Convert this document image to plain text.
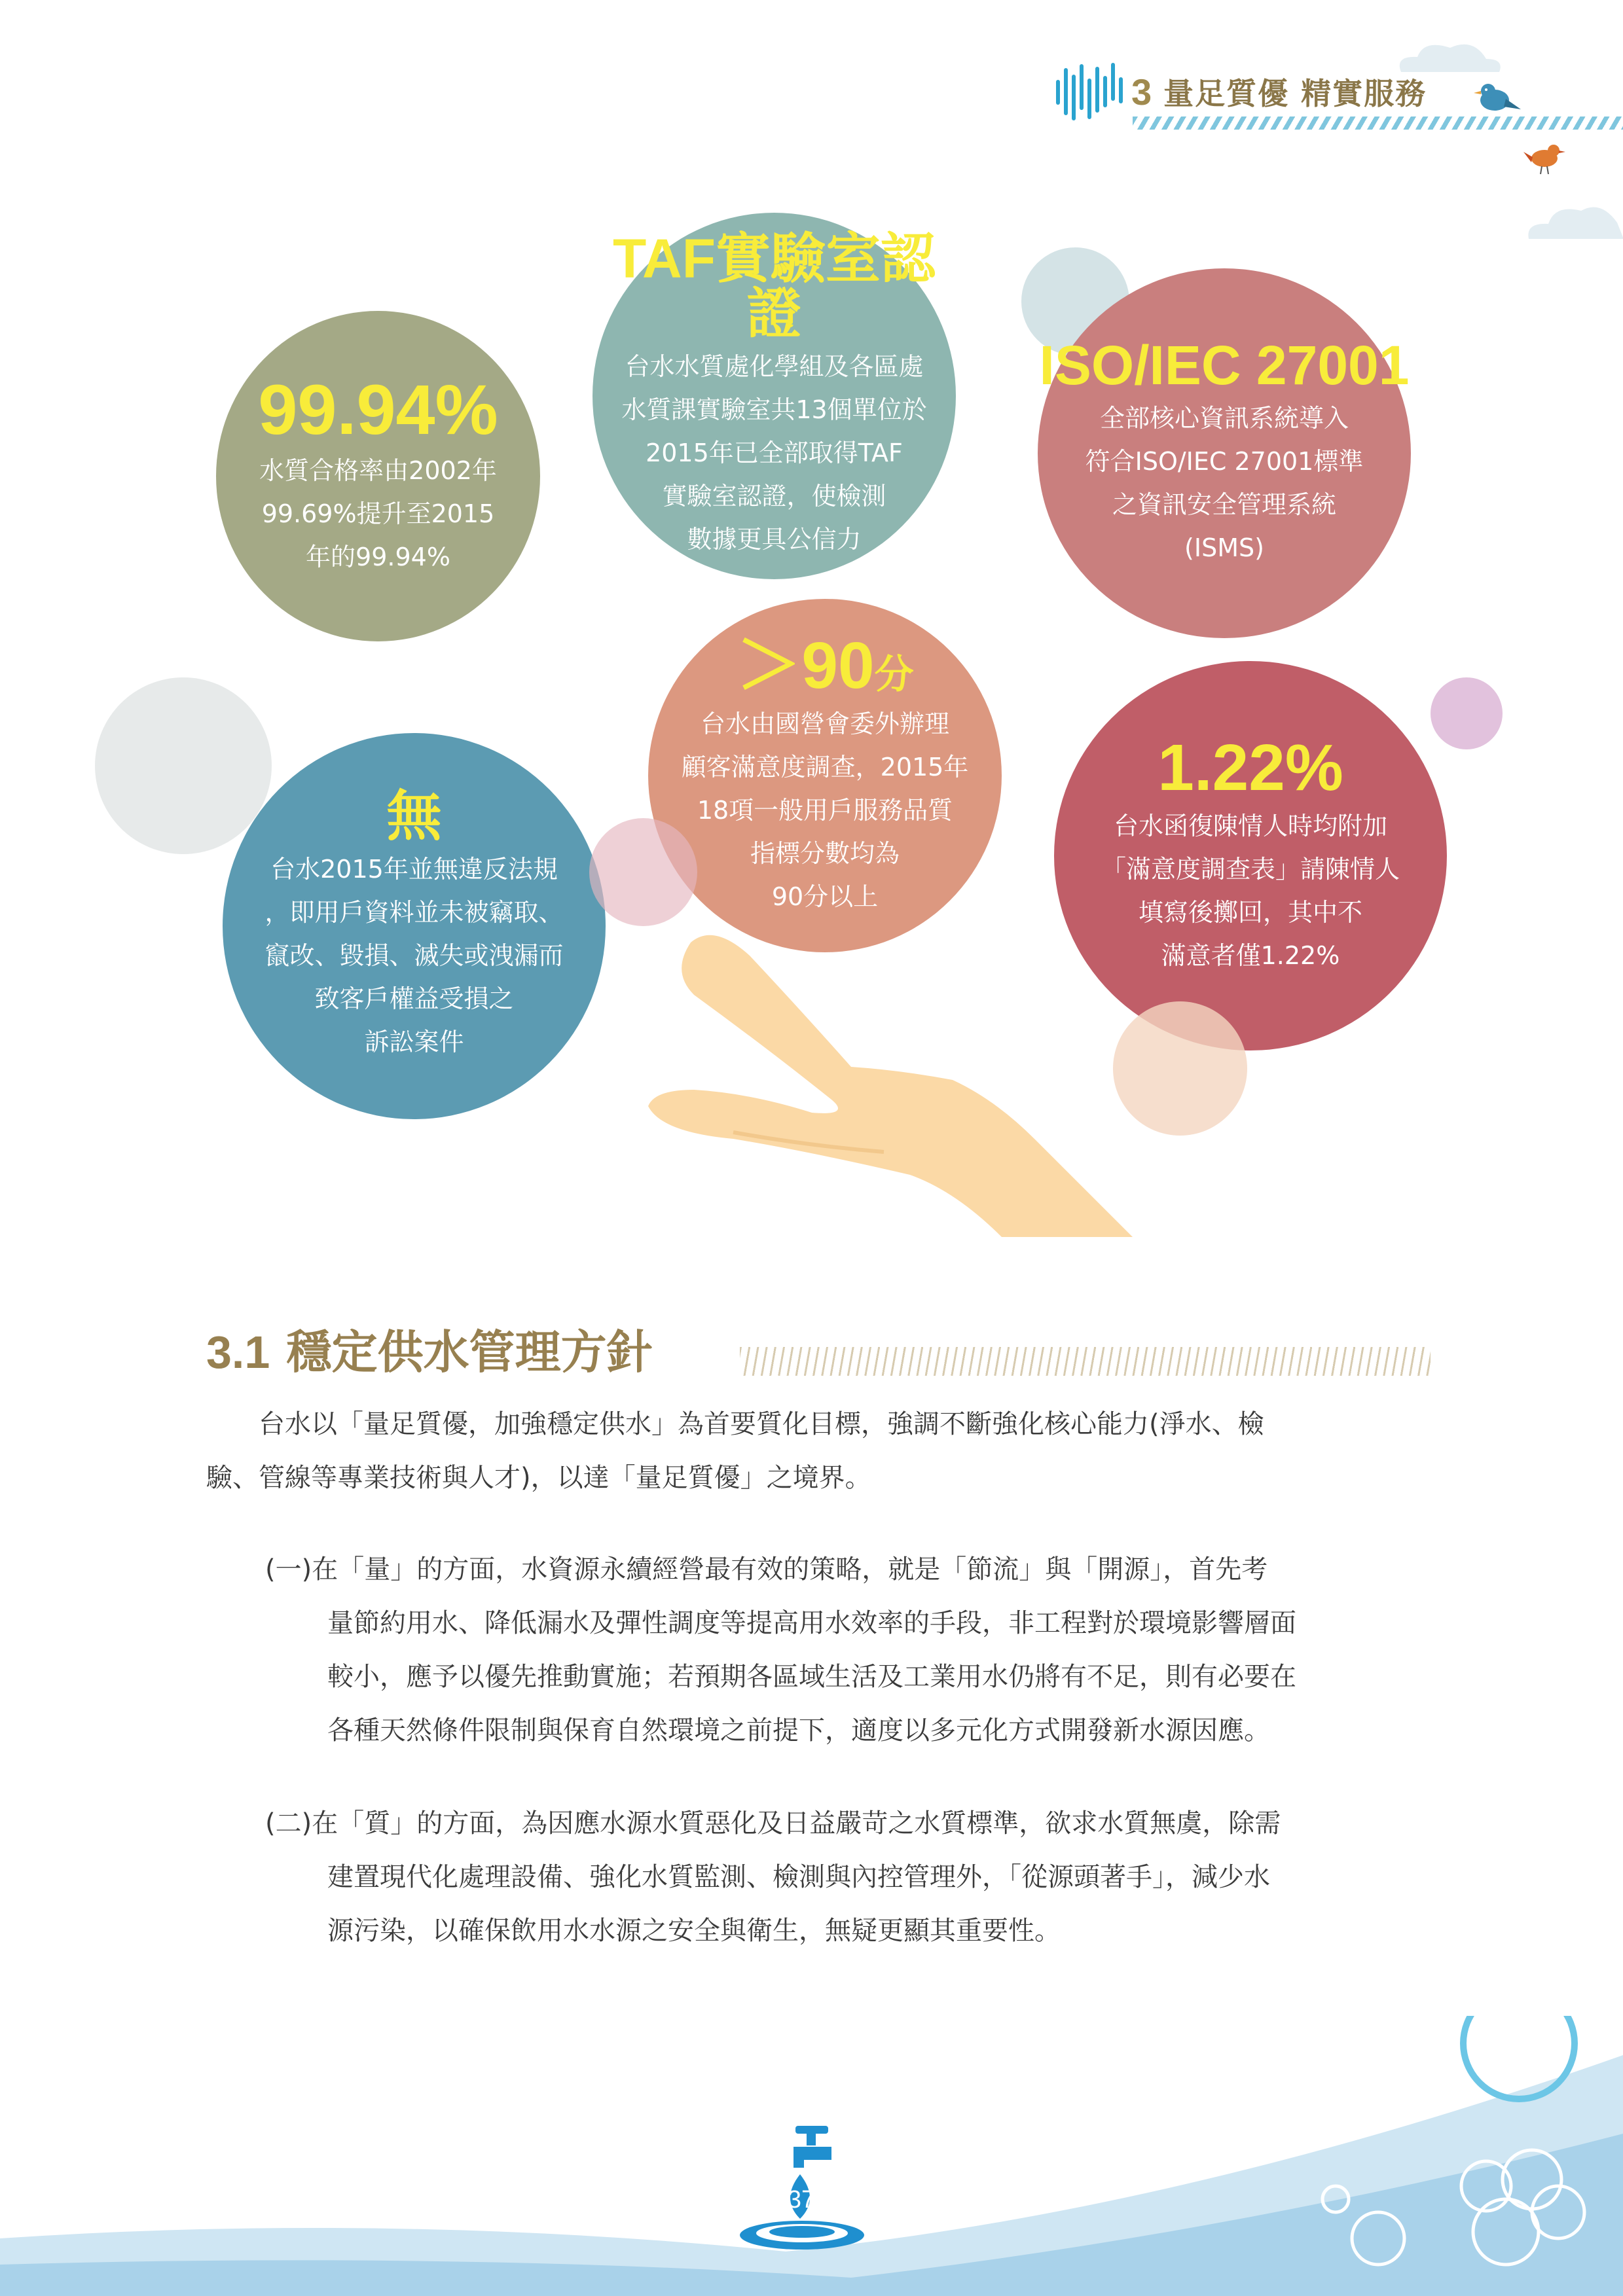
3 量足質優 精實服務
99.94%
水質合格率由2002年
99.69%提升至2015
年的99.94%
TAF實驗室認證
台水水質處化學組及各區處
水質課實驗室共13個單位於
2015年已全部取得TAF
實驗室認證，使檢測
數據更具公信力
ISO/IEC 27001
全部核心資訊系統導入
符合ISO/IEC 27001標準
之資訊安全管理系統
(ISMS)
＞90分
台水由國營會委外辦理
顧客滿意度調查，2015年
18項一般用戶服務品質
指標分數均為
90分以上
無
台水2015年並無違反法規
，即用戶資料並未被竊取、
竄改、毀損、滅失或洩漏而
致客戶權益受損之
訴訟案件
1.22%
台水函復陳情人時均附加
「滿意度調查表」請陳情人
填寫後擲回，其中不
滿意者僅1.22%
3.1 穩定供水管理方針
台水以「量足質優，加強穩定供水」為首要質化目標，強調不斷強化核心能力(淨水、檢
驗、管線等專業技術與人才)，以達「量足質優」之境界。
(一)在「量」的方面，水資源永續經營最有效的策略，就是「節流」與「開源」，首先考
量節約用水、降低漏水及彈性調度等提高用水效率的手段，非工程對於環境影響層面
較小，應予以優先推動實施；若預期各區域生活及工業用水仍將有不足，則有必要在
各種天然條件限制與保育自然環境之前提下，適度以多元化方式開發新水源因應。
(二)在「質」的方面，為因應水源水質惡化及日益嚴苛之水質標準，欲求水質無虞，除需
建置現代化處理設備、強化水質監測、檢測與內控管理外，「從源頭著手」，減少水
源污染，以確保飲用水水源之安全與衛生，無疑更顯其重要性。
37
